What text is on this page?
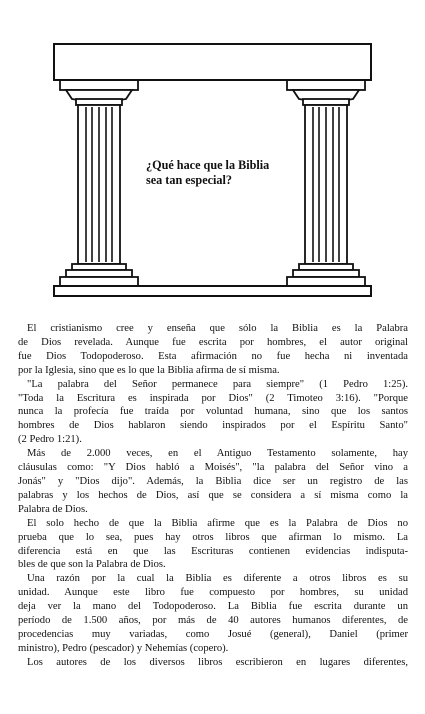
¿Qué hace que la Biblia
sea tan especial?

El cristianismo cree y enseña que sólo la Biblia es la Palabra
de Dios revelada. Aunque fue escrita por hombres, el autor original
fue Dios Todopoderoso. Esta afirmación no fue hecha ni inventada
por la Iglesia, sino que es lo que la Biblia afirma de sí misma.

"La palabra del Señor permanece para siempre" (1 Pedro 1:25).
"Toda la Escritura es inspirada por Dios" (2 Timoteo 3:16). "Porque
nunca la profecía fue traída por voluntad humana, sino que los santos
hombres de Dios hablaron siendo inspirados por el Espíritu Santo"
(2 Pedro 1:21).

Más de 2.000 veces, en el Antiguo Testamento solamente, hay
cláusulas como: "Y Dios habló a Moisés", "la palabra del Señor vino a
Jonás" y "Dios dijo". Además, la Biblia dice ser un registro de las
palabras y los hechos de Dios, así que se considera a sí misma como la
Palabra de Dios.

El solo hecho de que la Biblia afirme que es la Palabra de Dios no
prueba que lo sea, pues hay otros libros que afirman lo mismo. La
diferencia está en que las Escrituras contienen evidencias indisputa-
bles de que son la Palabra de Dios.

Una razón por la cual la Biblia es diferente a otros libros es su
unidad. Aunque este libro fue compuesto por hombres, su unidad
deja ver la mano del Todopoderoso. La Biblia fue escrita durante un
período de 1.500 años, por más de 40 autores humanos diferentes, de
procedencias muy variadas, como Josué (general), Daniel (primer
ministro), Pedro (pescador) y Nehemías (copero).

Los autores de los diversos libros escribieron en lugares diferentes,
